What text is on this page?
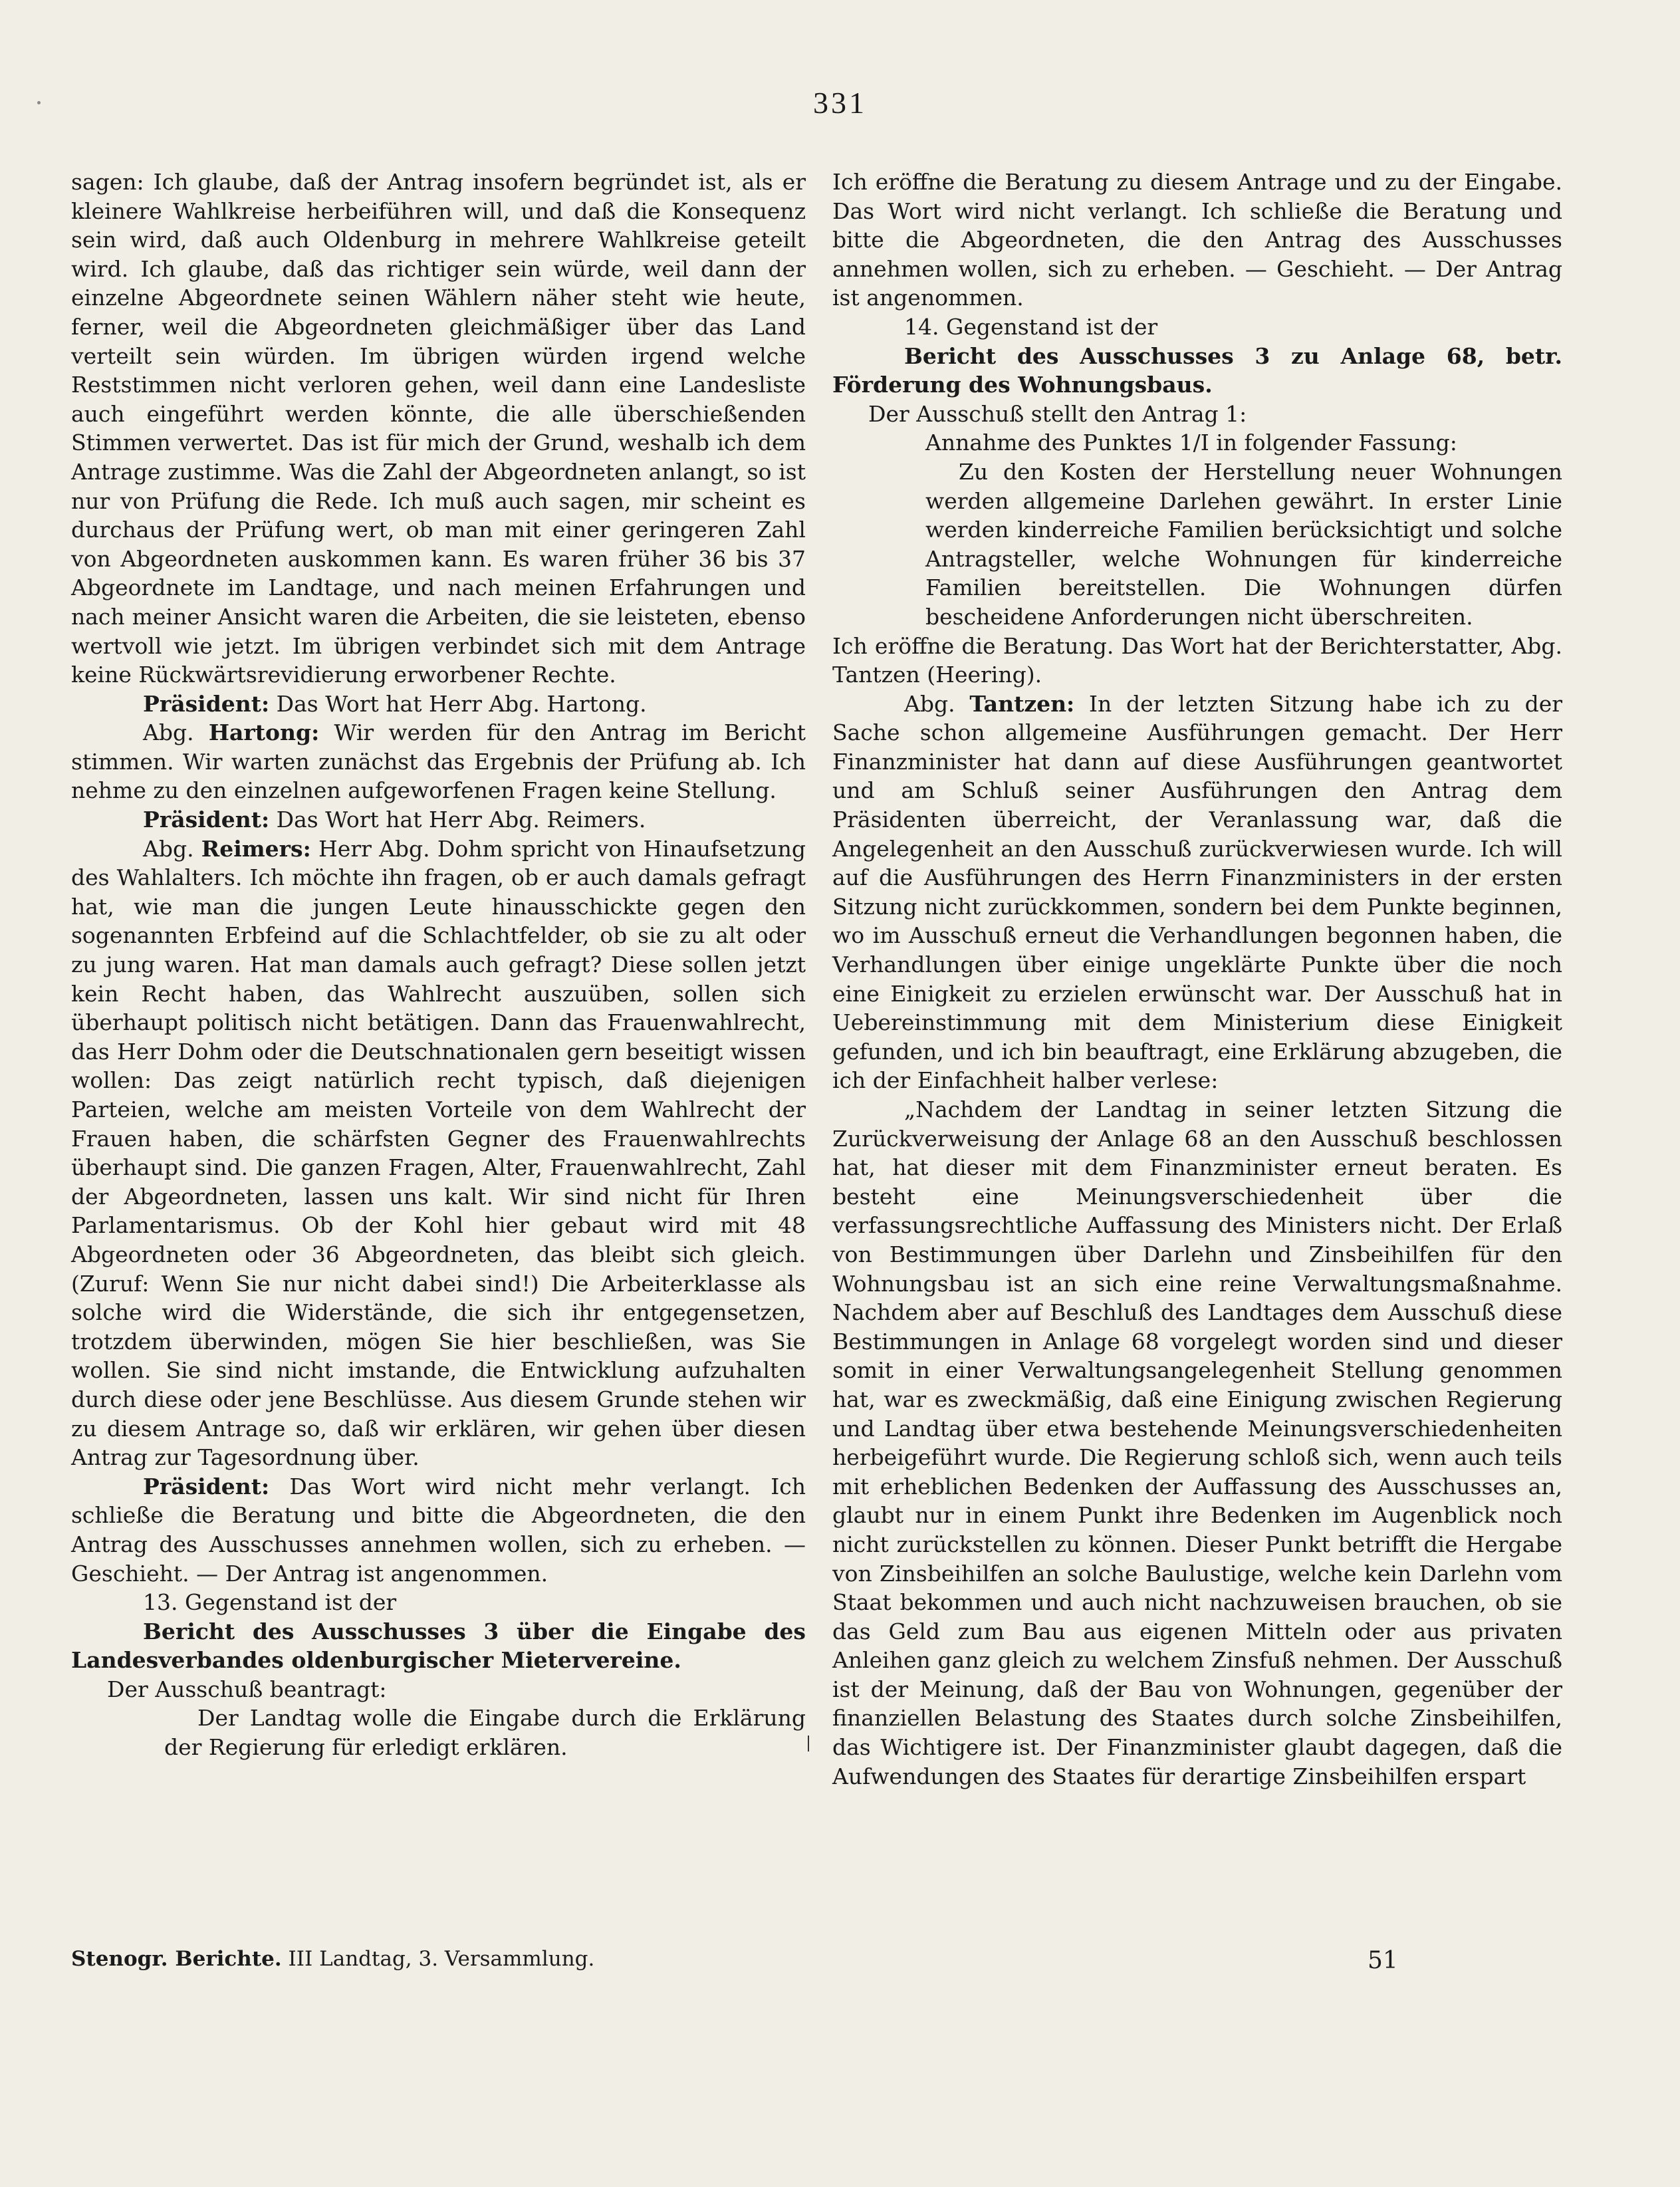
331

sagen: Ich glaube, daß der Antrag insofern begründet ist, als er kleinere Wahlkreise herbeiführen will, und daß die Konsequenz sein wird, daß auch Oldenburg in mehrere Wahlkreise geteilt wird. Ich glaube, daß das richtiger sein würde, weil dann der einzelne Abgeordnete seinen Wählern näher steht wie heute, ferner, weil die Abgeordneten gleichmäßiger über das Land verteilt sein würden. Im übrigen würden irgend welche Reststimmen nicht verloren gehen, weil dann eine Landesliste auch eingeführt werden könnte, die alle überschießenden Stimmen verwertet. Das ist für mich der Grund, weshalb ich dem Antrage zustimme. Was die Zahl der Abgeordneten anlangt, so ist nur von Prüfung die Rede. Ich muß auch sagen, mir scheint es durchaus der Prüfung wert, ob man mit einer geringeren Zahl von Abgeordneten auskommen kann. Es waren früher 36 bis 37 Abgeordnete im Landtage, und nach meinen Erfahrungen und nach meiner Ansicht waren die Arbeiten, die sie leisteten, ebenso wertvoll wie jetzt. Im übrigen verbindet sich mit dem Antrage keine Rückwärtsrevidierung erworbener Rechte.

Präsident: Das Wort hat Herr Abg. Hartong.

Abg. Hartong: Wir werden für den Antrag im Bericht stimmen. Wir warten zunächst das Ergebnis der Prüfung ab. Ich nehme zu den einzelnen aufgeworfenen Fragen keine Stellung.

Präsident: Das Wort hat Herr Abg. Reimers.

Abg. Reimers: Herr Abg. Dohm spricht von Hinaufsetzung des Wahlalters. Ich möchte ihn fragen, ob er auch damals gefragt hat, wie man die jungen Leute hinausschickte gegen den sogenannten Erbfeind auf die Schlachtfelder, ob sie zu alt oder zu jung waren. Hat man damals auch gefragt? Diese sollen jetzt kein Recht haben, das Wahlrecht auszuüben, sollen sich überhaupt politisch nicht betätigen. Dann das Frauenwahlrecht, das Herr Dohm oder die Deutschnationalen gern beseitigt wissen wollen: Das zeigt natürlich recht typisch, daß diejenigen Parteien, welche am meisten Vorteile von dem Wahlrecht der Frauen haben, die schärfsten Gegner des Frauenwahlrechts überhaupt sind. Die ganzen Fragen, Alter, Frauenwahlrecht, Zahl der Abgeordneten, lassen uns kalt. Wir sind nicht für Ihren Parlamentarismus. Ob der Kohl hier gebaut wird mit 48 Abgeordneten oder 36 Abgeordneten, das bleibt sich gleich. (Zuruf: Wenn Sie nur nicht dabei sind!) Die Arbeiterklasse als solche wird die Widerstände, die sich ihr entgegensetzen, trotzdem überwinden, mögen Sie hier beschließen, was Sie wollen. Sie sind nicht imstande, die Entwicklung aufzuhalten durch diese oder jene Beschlüsse. Aus diesem Grunde stehen wir zu diesem Antrage so, daß wir erklären, wir gehen über diesen Antrag zur Tagesordnung über.

Präsident: Das Wort wird nicht mehr verlangt. Ich schließe die Beratung und bitte die Abgeordneten, die den Antrag des Ausschusses annehmen wollen, sich zu erheben. — Geschieht. — Der Antrag ist angenommen.

13. Gegenstand ist der

Bericht des Ausschusses 3 über die Eingabe des Landesverbandes oldenburgischer Mietervereine.

Der Ausschuß beantragt:

Der Landtag wolle die Eingabe durch die Erklärung der Regierung für erledigt erklären.

Ich eröffne die Beratung zu diesem Antrage und zu der Eingabe. Das Wort wird nicht verlangt. Ich schließe die Beratung und bitte die Abgeordneten, die den Antrag des Ausschusses annehmen wollen, sich zu erheben. — Geschieht. — Der Antrag ist angenommen.

14. Gegenstand ist der

Bericht des Ausschusses 3 zu Anlage 68, betr. Förderung des Wohnungsbaus.

Der Ausschuß stellt den Antrag 1:

Annahme des Punktes 1/I in folgender Fassung:

Zu den Kosten der Herstellung neuer Wohnungen werden allgemeine Darlehen gewährt. In erster Linie werden kinderreiche Familien berücksichtigt und solche Antragsteller, welche Wohnungen für kinderreiche Familien bereitstellen. Die Wohnungen dürfen bescheidene Anforderungen nicht überschreiten.

Ich eröffne die Beratung. Das Wort hat der Berichterstatter, Abg. Tantzen (Heering).

Abg. Tantzen: In der letzten Sitzung habe ich zu der Sache schon allgemeine Ausführungen gemacht. Der Herr Finanzminister hat dann auf diese Ausführungen geantwortet und am Schluß seiner Ausführungen den Antrag dem Präsidenten überreicht, der Veranlassung war, daß die Angelegenheit an den Ausschuß zurückverwiesen wurde. Ich will auf die Ausführungen des Herrn Finanzministers in der ersten Sitzung nicht zurückkommen, sondern bei dem Punkte beginnen, wo im Ausschuß erneut die Verhandlungen begonnen haben, die Verhandlungen über einige ungeklärte Punkte über die noch eine Einigkeit zu erzielen erwünscht war. Der Ausschuß hat in Uebereinstimmung mit dem Ministerium diese Einigkeit gefunden, und ich bin beauftragt, eine Erklärung abzugeben, die ich der Einfachheit halber verlese:

„Nachdem der Landtag in seiner letzten Sitzung die Zurückverweisung der Anlage 68 an den Ausschuß beschlossen hat, hat dieser mit dem Finanzminister erneut beraten. Es besteht eine Meinungsverschiedenheit über die verfassungsrechtliche Auffassung des Ministers nicht. Der Erlaß von Bestimmungen über Darlehn und Zinsbeihilfen für den Wohnungsbau ist an sich eine reine Verwaltungsmaßnahme. Nachdem aber auf Beschluß des Landtages dem Ausschuß diese Bestimmungen in Anlage 68 vorgelegt worden sind und dieser somit in einer Verwaltungsangelegenheit Stellung genommen hat, war es zweckmäßig, daß eine Einigung zwischen Regierung und Landtag über etwa bestehende Meinungsverschiedenheiten herbeigeführt wurde. Die Regierung schloß sich, wenn auch teils mit erheblichen Bedenken der Auffassung des Ausschusses an, glaubt nur in einem Punkt ihre Bedenken im Augenblick noch nicht zurückstellen zu können. Dieser Punkt betrifft die Hergabe von Zinsbeihilfen an solche Baulustige, welche kein Darlehn vom Staat bekommen und auch nicht nachzuweisen brauchen, ob sie das Geld zum Bau aus eigenen Mitteln oder aus privaten Anleihen ganz gleich zu welchem Zinsfuß nehmen. Der Ausschuß ist der Meinung, daß der Bau von Wohnungen, gegenüber der finanziellen Belastung des Staates durch solche Zinsbeihilfen, das Wichtigere ist. Der Finanzminister glaubt dagegen, daß die Aufwendungen des Staates für derartige Zinsbeihilfen erspart

Stenogr. Berichte. III Landtag, 3. Versammlung.	51
